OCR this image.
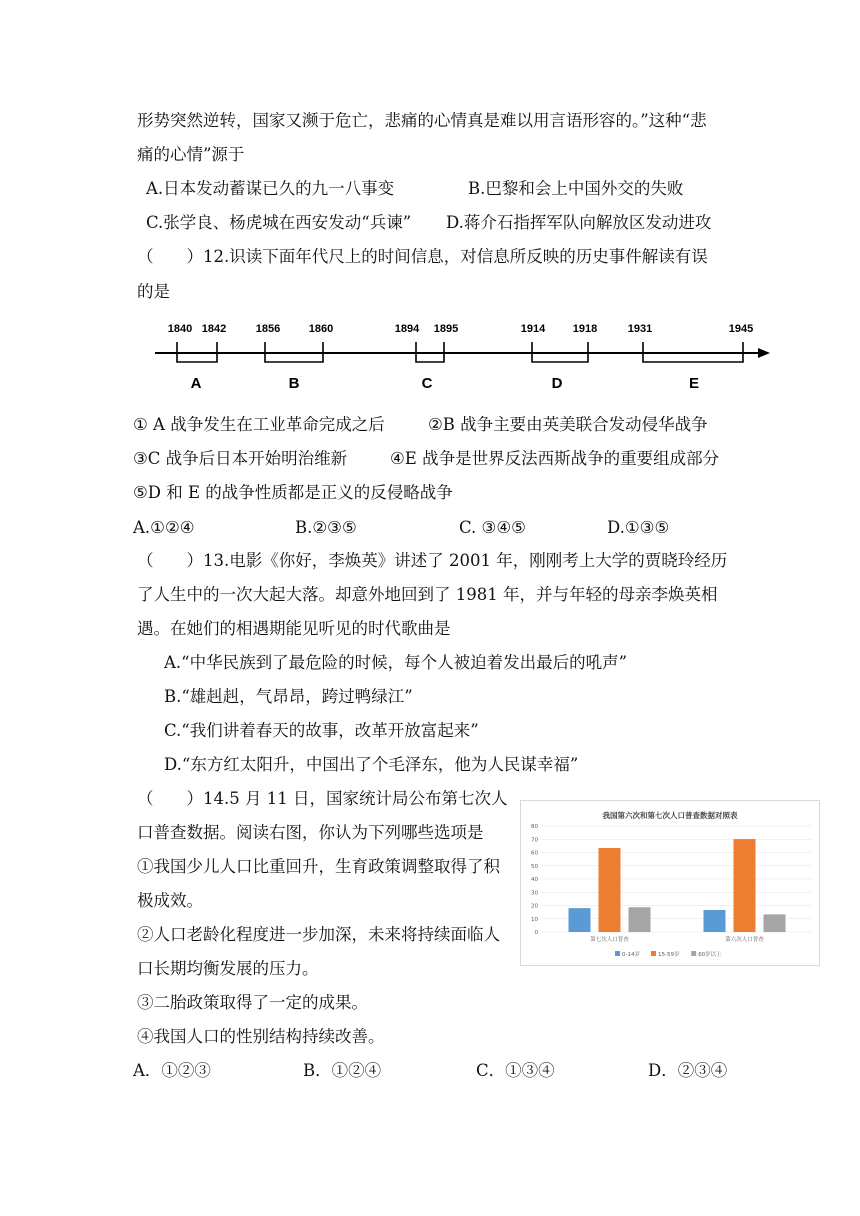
形势突然逆转，国家又濒于危亡，悲痛的心情真是难以用言语形容的。”这种“悲
痛的心情”源于
A.日本发动蓄谋已久的九一八事变	B.巴黎和会上中国外交的失败
C.张学良、杨虎城在西安发动“兵谏” D.蒋介石指挥军队向解放区发动进攻
（　　）12.识读下面年代尺上的时间信息，对信息所反映的历史事件解读有误
的是
1840 1842	1856	1860	1894 1895	1914	1918	1931	1945
A	B	C	D	E
① A 战争发生在工业革命完成之后	②B 战争主要由英美联合发动侵华战争
③C 战争后日本开始明治维新	④E 战争是世界反法西斯战争的重要组成部分
⑤D 和 E 的战争性质都是正义的反侵略战争
A.①②④	B.②③⑤	C. ③④⑤	D.①③⑤
（　　）13.电影《你好，李焕英》讲述了 2001 年，刚刚考上大学的贾晓玲经历
了人生中的一次大起大落。却意外地回到了 1981 年，并与年轻的母亲李焕英相
遇。在她们的相遇期能见听见的时代歌曲是
A.“中华民族到了最危险的时候，每个人被迫着发出最后的吼声”
B.“雄赳赳，气昂昂，跨过鸭绿江”
C.“我们讲着春天的故事，改革开放富起来”
D.“东方红太阳升，中国出了个毛泽东，他为人民谋幸福”
（　　）14.5 月 11 日，国家统计局公布第七次人
口普查数据。阅读右图，你认为下列哪些选项是
①我国少儿人口比重回升，生育政策调整取得了积
极成效。
②人口老龄化程度进一步加深，未来将持续面临人
口长期均衡发展的压力。
③二胎政策取得了一定的成果。
④我国人口的性别结构持续改善。
A．①②③	B．①②④	C．①③④	D．②③④
我国第六次和第七次人口普查数据对照表
0
10
20
30
40
50
60
70
80
第七次人口普查	第六次人口普查
0-14岁	15-59岁	60岁以上
